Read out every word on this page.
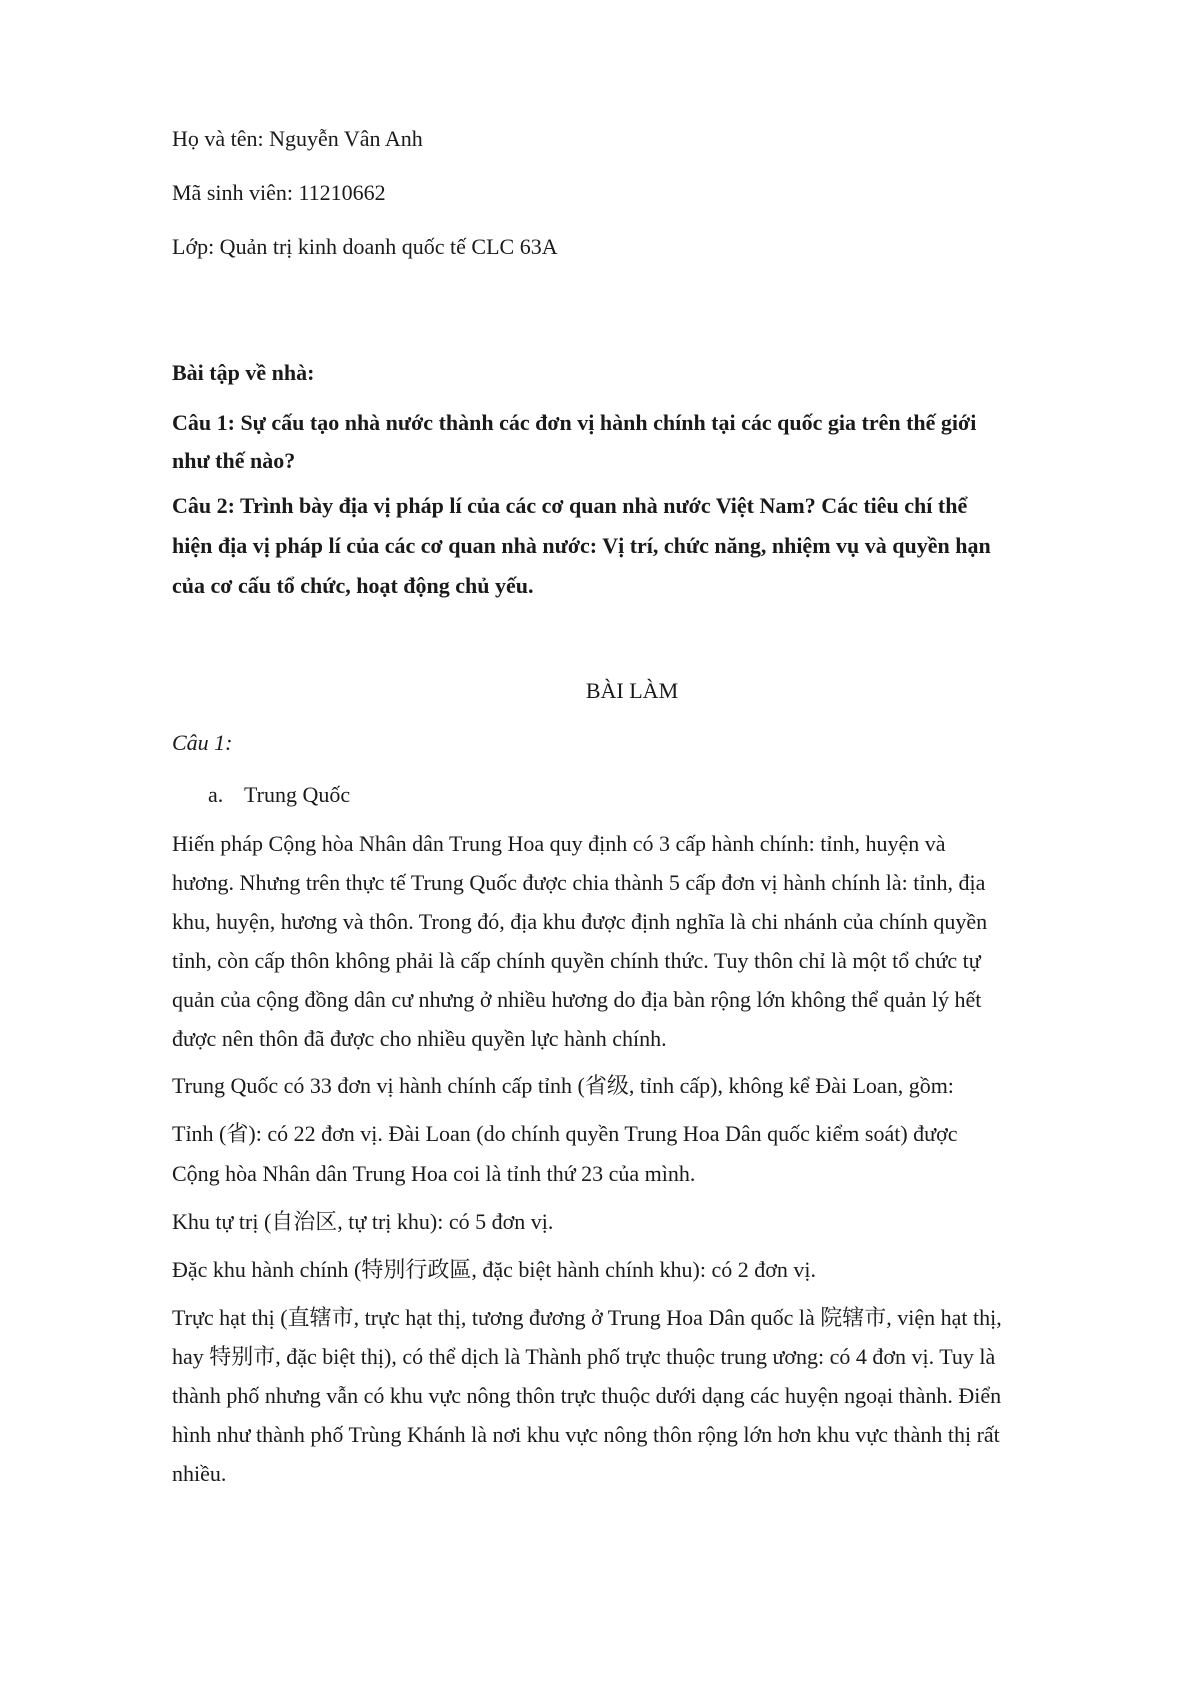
Họ và tên: Nguyễn Vân Anh

Mã sinh viên: 11210662

Lớp: Quản trị kinh doanh quốc tế CLC 63A

Bài tập về nhà:

Câu 1: Sự cấu tạo nhà nước thành các đơn vị hành chính tại các quốc gia trên thế giới
như thế nào?
Câu 2: Trình bày địa vị pháp lí của các cơ quan nhà nước Việt Nam? Các tiêu chí thể
hiện địa vị pháp lí của các cơ quan nhà nước: Vị trí, chức năng, nhiệm vụ và quyền hạn
của cơ cấu tổ chức, hoạt động chủ yếu.

BÀI LÀM

Câu 1:

a. Trung Quốc

Hiến pháp Cộng hòa Nhân dân Trung Hoa quy định có 3 cấp hành chính: tỉnh, huyện và
hương. Nhưng trên thực tế Trung Quốc được chia thành 5 cấp đơn vị hành chính là: tỉnh, địa
khu, huyện, hương và thôn. Trong đó, địa khu được định nghĩa là chi nhánh của chính quyền
tỉnh, còn cấp thôn không phải là cấp chính quyền chính thức. Tuy thôn chỉ là một tổ chức tự
quản của cộng đồng dân cư nhưng ở nhiều hương do địa bàn rộng lớn không thể quản lý hết
được nên thôn đã được cho nhiều quyền lực hành chính.

Trung Quốc có 33 đơn vị hành chính cấp tỉnh (省级, tỉnh cấp), không kể Đài Loan, gồm:

Tỉnh (省): có 22 đơn vị. Đài Loan (do chính quyền Trung Hoa Dân quốc kiểm soát) được
Cộng hòa Nhân dân Trung Hoa coi là tỉnh thứ 23 của mình.

Khu tự trị (自治区, tự trị khu): có 5 đơn vị.

Đặc khu hành chính (特別行政區, đặc biệt hành chính khu): có 2 đơn vị.

Trực hạt thị (直辖市, trực hạt thị, tương đương ở Trung Hoa Dân quốc là 院辖市, viện hạt thị,
hay 特别市, đặc biệt thị), có thể dịch là Thành phố trực thuộc trung ương: có 4 đơn vị. Tuy là
thành phố nhưng vẫn có khu vực nông thôn trực thuộc dưới dạng các huyện ngoại thành. Điển
hình như thành phố Trùng Khánh là nơi khu vực nông thôn rộng lớn hơn khu vực thành thị rất
nhiều.
